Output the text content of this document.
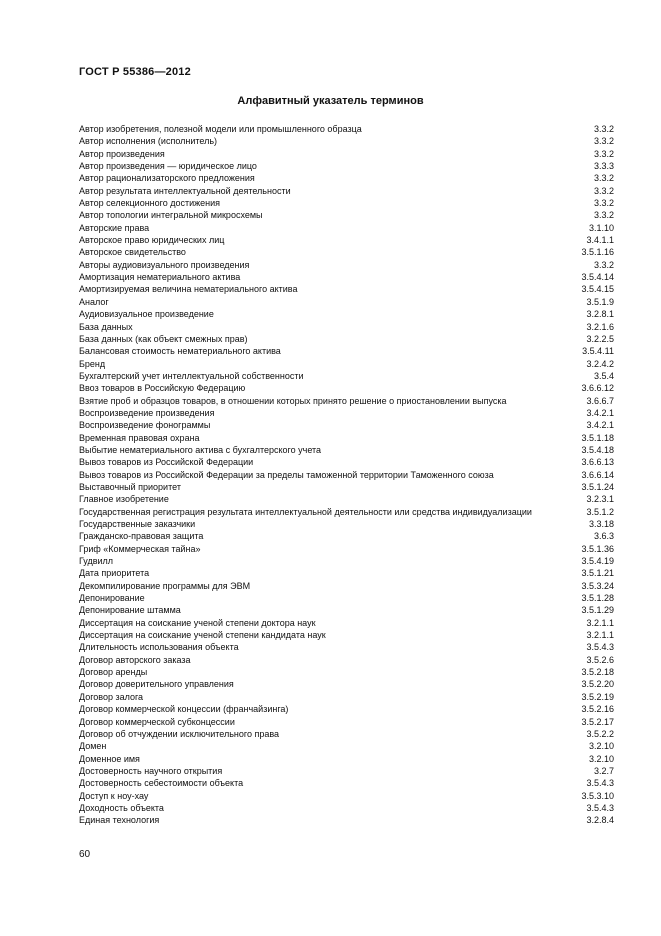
ГОСТ Р 55386—2012
Алфавитный указатель терминов
Автор изобретения, полезной модели или промышленного образца	3.3.2
Автор исполнения (исполнитель)	3.3.2
Автор произведения	3.3.2
Автор произведения — юридическое лицо	3.3.3
Автор рационализаторского предложения	3.3.2
Автор результата интеллектуальной деятельности	3.3.2
Автор селекционного достижения	3.3.2
Автор топологии интегральной микросхемы	3.3.2
Авторские права	3.1.10
Авторское право юридических лиц	3.4.1.1
Авторское свидетельство	3.5.1.16
Авторы аудиовизуального произведения	3.3.2
Амортизация нематериального актива	3.5.4.14
Амортизируемая величина нематериального актива	3.5.4.15
Аналог	3.5.1.9
Аудиовизуальное произведение	3.2.8.1
База данных	3.2.1.6
База данных (как объект смежных прав)	3.2.2.5
Балансовая стоимость нематериального актива	3.5.4.11
Бренд	3.2.4.2
Бухгалтерский учет интеллектуальной собственности	3.5.4
Ввоз товаров в Российскую Федерацию	3.6.6.12
Взятие проб и образцов товаров, в отношении которых принято решение о приостановлении выпуска	3.6.6.7
Воспроизведение произведения	3.4.2.1
Воспроизведение фонограммы	3.4.2.1
Временная правовая охрана	3.5.1.18
Выбытие нематериального актива с бухгалтерского учета	3.5.4.18
Вывоз товаров из Российской Федерации	3.6.6.13
Вывоз товаров из Российской Федерации за пределы таможенной территории Таможенного союза	3.6.6.14
Выставочный приоритет	3.5.1.24
Главное изобретение	3.2.3.1
Государственная регистрация результата интеллектуальной деятельности или средства индивидуализации	3.5.1.2
Государственные заказчики	3.3.18
Гражданско-правовая защита	3.6.3
Гриф «Коммерческая тайна»	3.5.1.36
Гудвилл	3.5.4.19
Дата приоритета	3.5.1.21
Декомпилирование программы для ЭВМ	3.5.3.24
Депонирование	3.5.1.28
Депонирование штамма	3.5.1.29
Диссертация на соискание ученой степени доктора наук	3.2.1.1
Диссертация на соискание ученой степени кандидата наук	3.2.1.1
Длительность использования объекта	3.5.4.3
Договор авторского заказа	3.5.2.6
Договор аренды	3.5.2.18
Договор доверительного управления	3.5.2.20
Договор залога	3.5.2.19
Договор коммерческой концессии (франчайзинга)	3.5.2.16
Договор коммерческой субконцессии	3.5.2.17
Договор об отчуждении исключительного права	3.5.2.2
Домен	3.2.10
Доменное имя	3.2.10
Достоверность научного открытия	3.2.7
Достоверность себестоимости объекта	3.5.4.3
Доступ к ноу-хау	3.5.3.10
Доходность объекта	3.5.4.3
Единая технология	3.2.8.4
60
